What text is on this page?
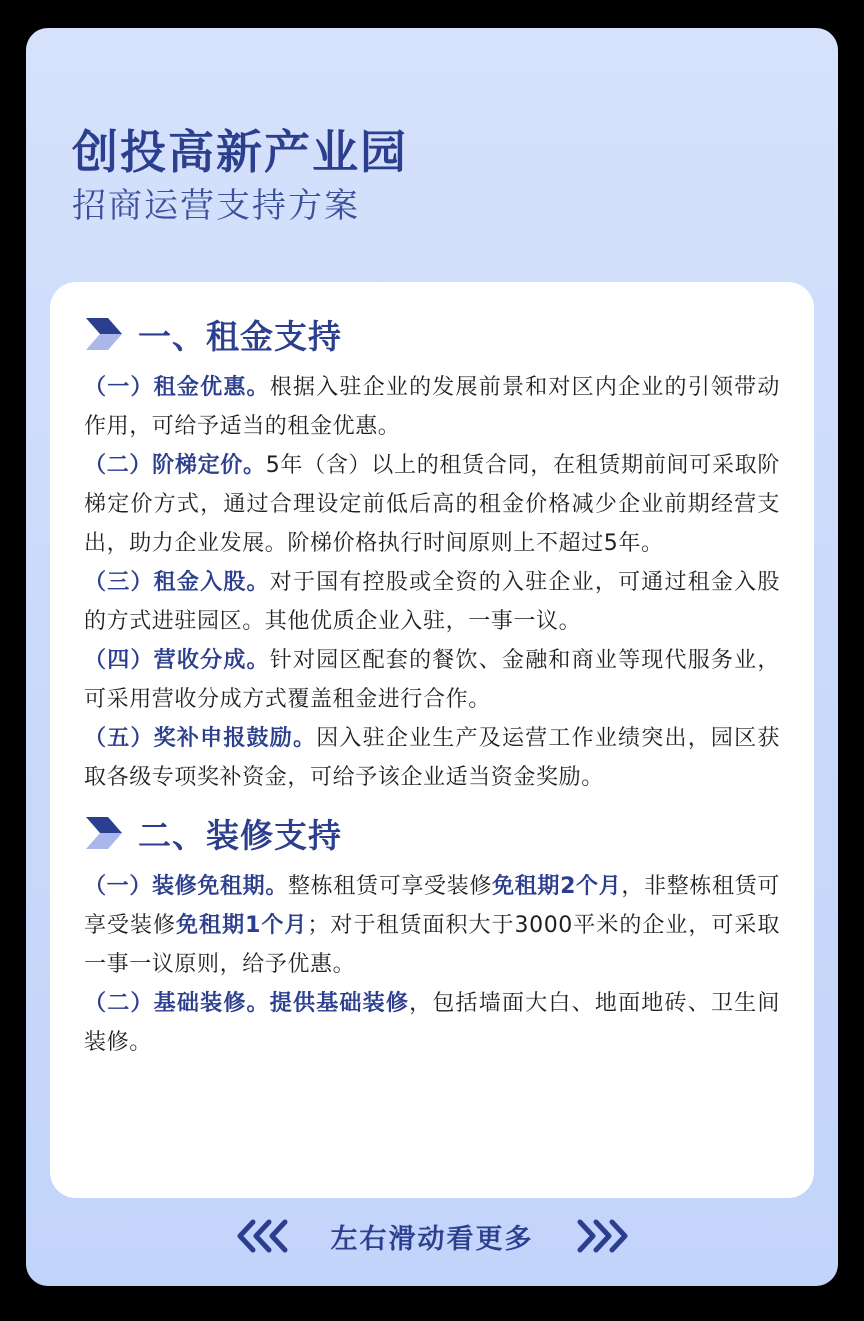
创投高新产业园
招商运营支持方案
一、租金支持

（一）租金优惠。根据入驻企业的发展前景和对区内企业的引领带动作用，可给予适当的租金优惠。

（二）阶梯定价。5年（含）以上的租赁合同，在租赁期前间可采取阶梯定价方式，通过合理设定前低后高的租金价格减少企业前期经营支出，助力企业发展。阶梯价格执行时间原则上不超过5年。

（三）租金入股。对于国有控股或全资的入驻企业，可通过租金入股的方式进驻园区。其他优质企业入驻，一事一议。

（四）营收分成。针对园区配套的餐饮、金融和商业等现代服务业，可采用营收分成方式覆盖租金进行合作。

（五）奖补申报鼓励。因入驻企业生产及运营工作业绩突出，园区获取各级专项奖补资金，可给予该企业适当资金奖励。

二、装修支持

（一）装修免租期。整栋租赁可享受装修免租期2个月，非整栋租赁可享受装修免租期1个月；对于租赁面积大于3000平米的企业，可采取一事一议原则，给予优惠。

（二）基础装修。提供基础装修，包括墙面大白、地面地砖、卫生间装修。

左右滑动看更多
